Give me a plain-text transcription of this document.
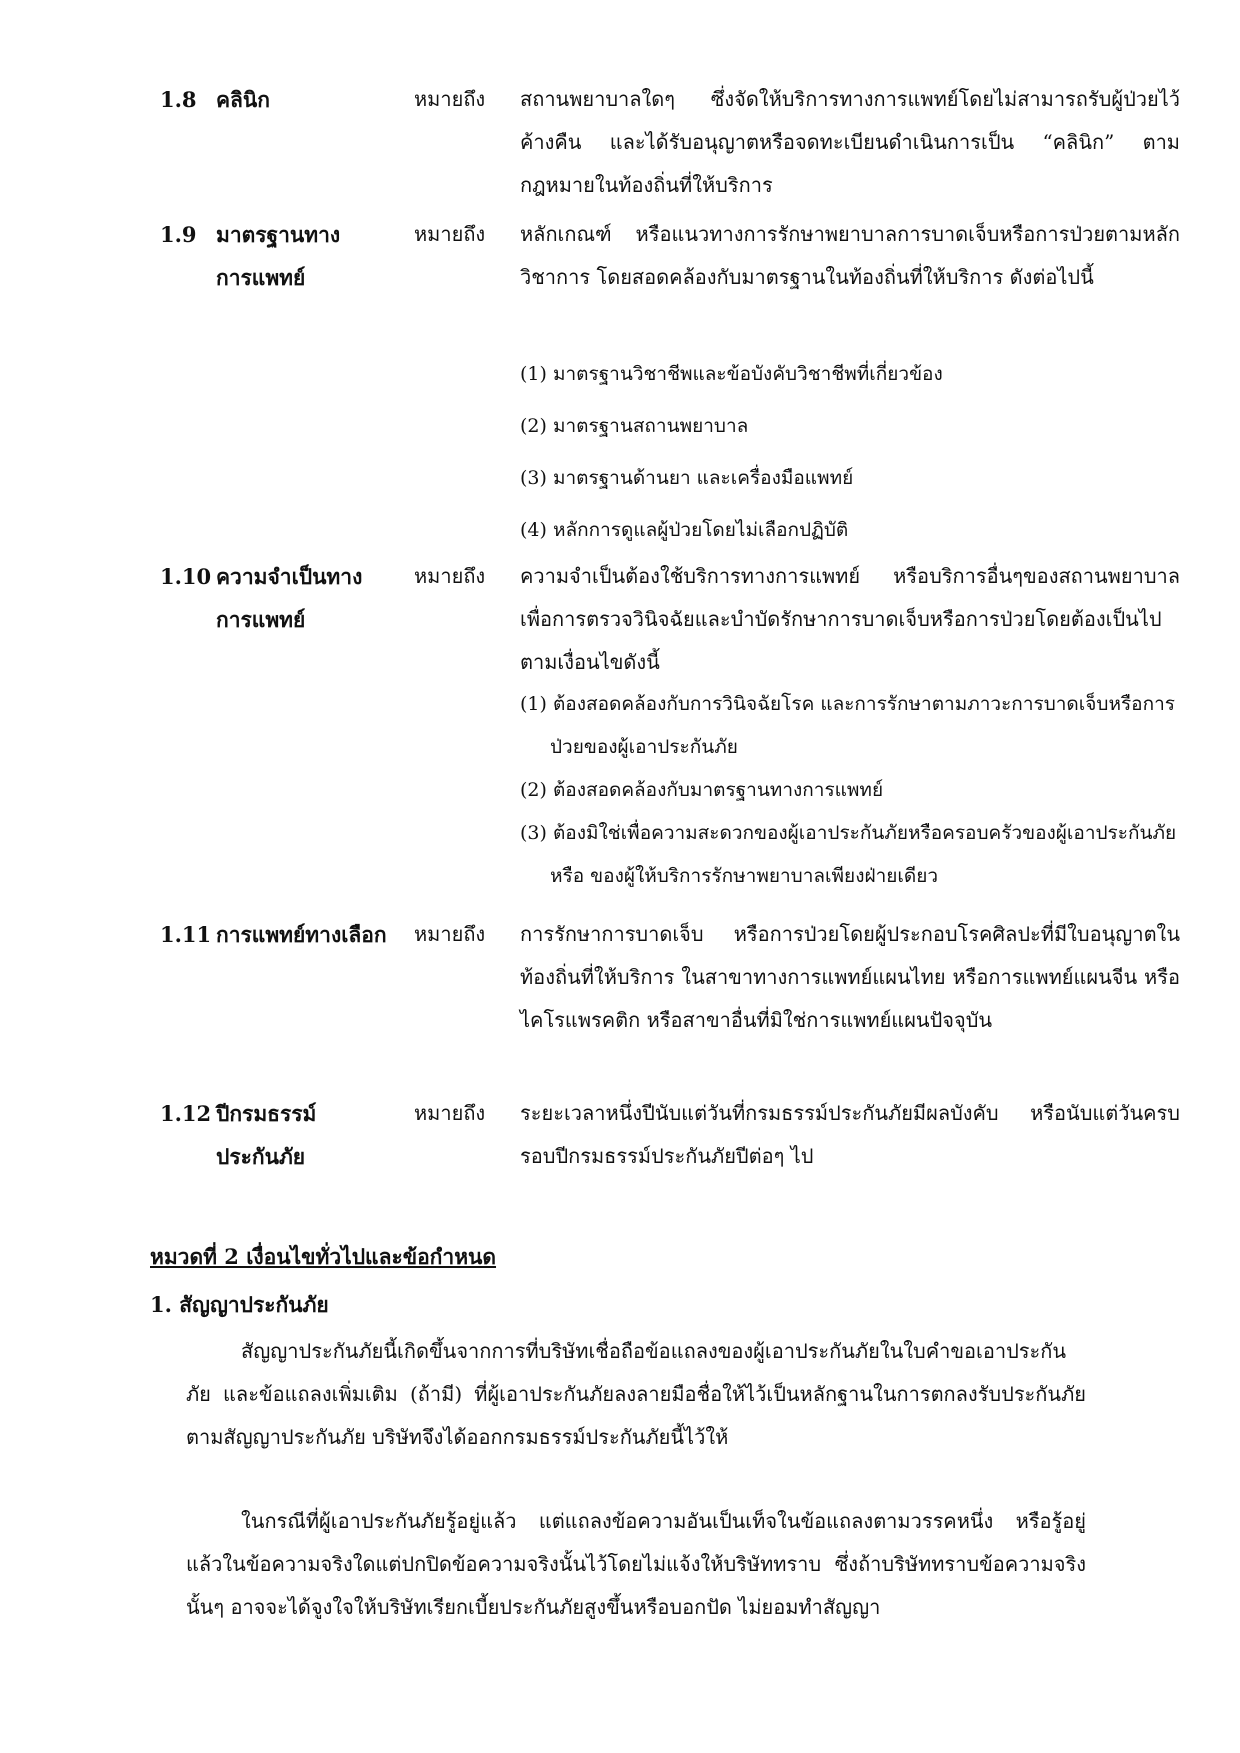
1.8 คลินิก	หมายถึง สถานพยาบาลใดๆ ซึ่งจัดให้บริการทางการแพทย์โดยไม่สามารถรับผู้ป่วยไว้ค้างคืน และได้รับอนุญาตหรือจดทะเบียนดำเนินการเป็น “คลินิก” ตามกฎหมายในท้องถิ่นที่ให้บริการ
1.9 มาตรฐานทาง
การแพทย์
หมายถึง หลักเกณฑ์ หรือแนวทางการรักษาพยาบาลการบาดเจ็บหรือการป่วยตามหลักวิชาการ โดยสอดคล้องกับมาตรฐานในท้องถิ่นที่ให้บริการ ดังต่อไปนี้
(1) มาตรฐานวิชาชีพและข้อบังคับวิชาชีพที่เกี่ยวข้อง
(2) มาตรฐานสถานพยาบาล
(3) มาตรฐานด้านยา และเครื่องมือแพทย์
(4) หลักการดูแลผู้ป่วยโดยไม่เลือกปฏิบัติ
1.10 ความจำเป็นทาง
การแพทย์
หมายถึง ความจำเป็นต้องใช้บริการทางการแพทย์ หรือบริการอื่นๆของสถานพยาบาลเพื่อการตรวจวินิจฉัยและบำบัดรักษาการบาดเจ็บหรือการป่วยโดยต้องเป็นไปตามเงื่อนไขดังนี้
(1) ต้องสอดคล้องกับการวินิจฉัยโรค และการรักษาตามภาวะการบาดเจ็บหรือการป่วยของผู้เอาประกันภัย
(2) ต้องสอดคล้องกับมาตรฐานทางการแพทย์
(3) ต้องมิใช่เพื่อความสะดวกของผู้เอาประกันภัยหรือครอบครัวของผู้เอาประกันภัย หรือ ของผู้ให้บริการรักษาพยาบาลเพียงฝ่ายเดียว
1.11 การแพทย์ทางเลือก หมายถึง การรักษาการบาดเจ็บ หรือการป่วยโดยผู้ประกอบโรคศิลปะที่มีใบอนุญาตในท้องถิ่นที่ให้บริการ ในสาขาทางการแพทย์แผนไทย หรือการแพทย์แผนจีน หรือไคโรแพรคติก หรือสาขาอื่นที่มิใช่การแพทย์แผนปัจจุบัน
1.12 ปีกรมธรรม์
ประกันภัย
หมายถึง ระยะเวลาหนึ่งปีนับแต่วันที่กรมธรรม์ประกันภัยมีผลบังคับ หรือนับแต่วันครบรอบปีกรมธรรม์ประกันภัยปีต่อๆ ไป
หมวดที่ 2 เงื่อนไขทั่วไปและข้อกำหนด
1. สัญญาประกันภัย
สัญญาประกันภัยนี้เกิดขึ้นจากการที่บริษัทเชื่อถือข้อแถลงของผู้เอาประกันภัยในใบคำขอเอาประกันภัย และข้อแถลงเพิ่มเติม (ถ้ามี) ที่ผู้เอาประกันภัยลงลายมือชื่อให้ไว้เป็นหลักฐานในการตกลงรับประกันภัยตามสัญญาประกันภัย บริษัทจึงได้ออกกรมธรรม์ประกันภัยนี้ไว้ให้
ในกรณีที่ผู้เอาประกันภัยรู้อยู่แล้ว แต่แถลงข้อความอันเป็นเท็จในข้อแถลงตามวรรคหนึ่ง หรือรู้อยู่แล้วในข้อความจริงใดแต่ปกปิดข้อความจริงนั้นไว้โดยไม่แจ้งให้บริษัททราบ ซึ่งถ้าบริษัททราบข้อความจริงนั้นๆ อาจจะได้จูงใจให้บริษัทเรียกเบี้ยประกันภัยสูงขึ้นหรือบอกปัด ไม่ยอมทำสัญญา
